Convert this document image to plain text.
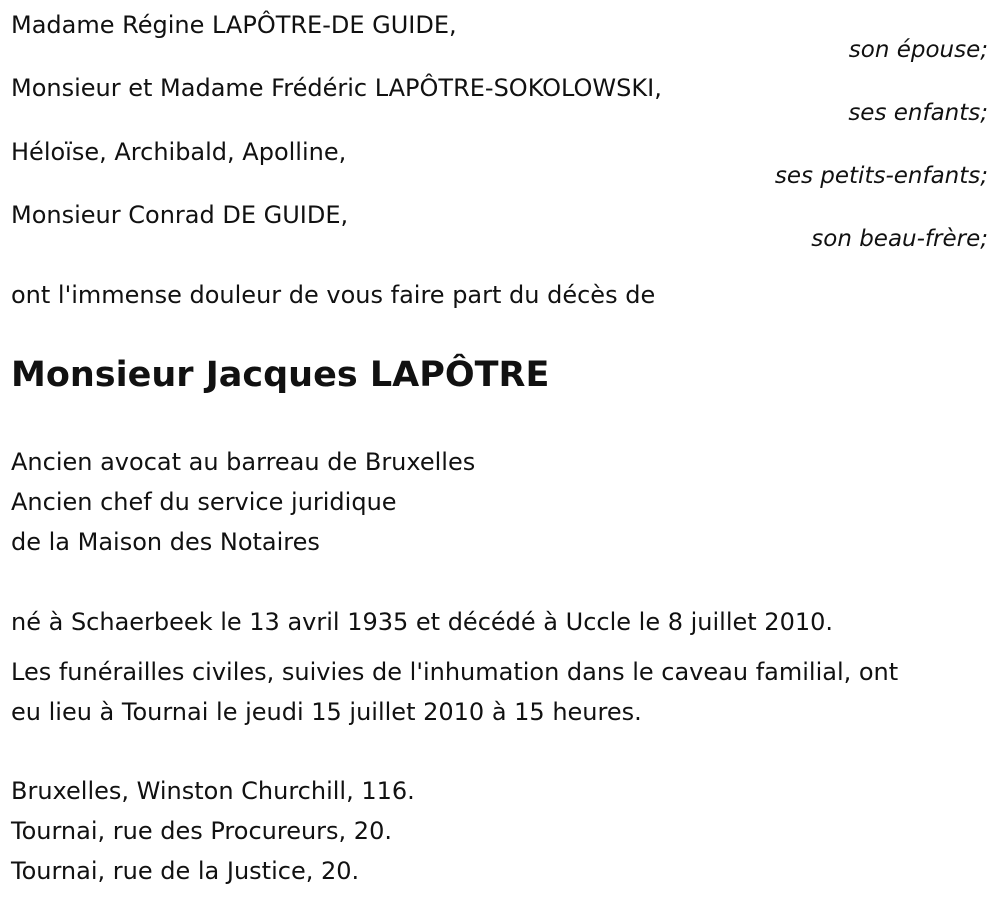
Madame Régine LAPÔTRE-DE GUIDE,
son épouse;
Monsieur et Madame Frédéric LAPÔTRE-SOKOLOWSKI,
ses enfants;
Héloïse, Archibald, Apolline,
ses petits-enfants;
Monsieur Conrad DE GUIDE,
son beau-frère;
ont l'immense douleur de vous faire part du décès de
Monsieur Jacques LAPÔTRE
Ancien avocat au barreau de Bruxelles
Ancien chef du service juridique
de la Maison des Notaires
né à Schaerbeek le 13 avril 1935 et décédé à Uccle le 8 juillet 2010.
Les funérailles civiles, suivies de l'inhumation dans le caveau familial, ont
eu lieu à Tournai le jeudi 15 juillet 2010 à 15 heures.
Bruxelles, Winston Churchill, 116.
Tournai, rue des Procureurs, 20.
Tournai, rue de la Justice, 20.
